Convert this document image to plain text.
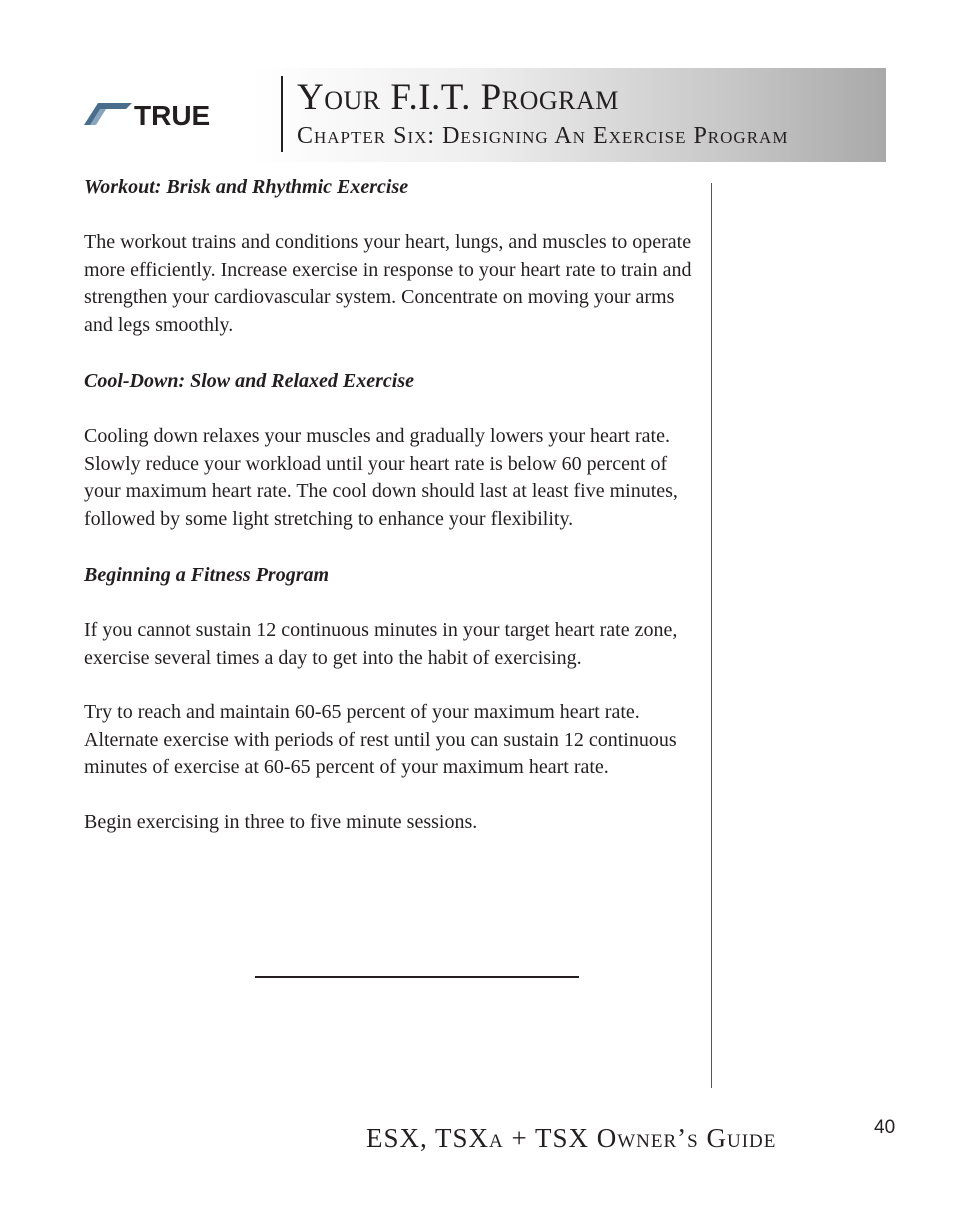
TRUE Your F.I.T. Program
Chapter Six: Designing An Exercise Program
Workout: Brisk and Rhythmic Exercise

The workout trains and conditions your heart, lungs, and muscles to operate more efficiently. Increase exercise in response to your heart rate to train and strengthen your cardiovascular system. Concentrate on moving your arms and legs smoothly.

Cool-Down: Slow and Relaxed Exercise

Cooling down relaxes your muscles and gradually lowers your heart rate. Slowly reduce your workload until your heart rate is below 60 percent of your maximum heart rate. The cool down should last at least five minutes, followed by some light stretching to enhance your flexibility.

Beginning a Fitness Program

If you cannot sustain 12 continuous minutes in your target heart rate zone, exercise several times a day to get into the habit of exercising.

Try to reach and maintain 60-65 percent of your maximum heart rate. Alternate exercise with periods of rest until you can sustain 12 continuous minutes of exercise at 60-65 percent of your maximum heart rate.

Begin exercising in three to five minute sessions.

ESX, TSXa + TSX Owner’s Guide	40
